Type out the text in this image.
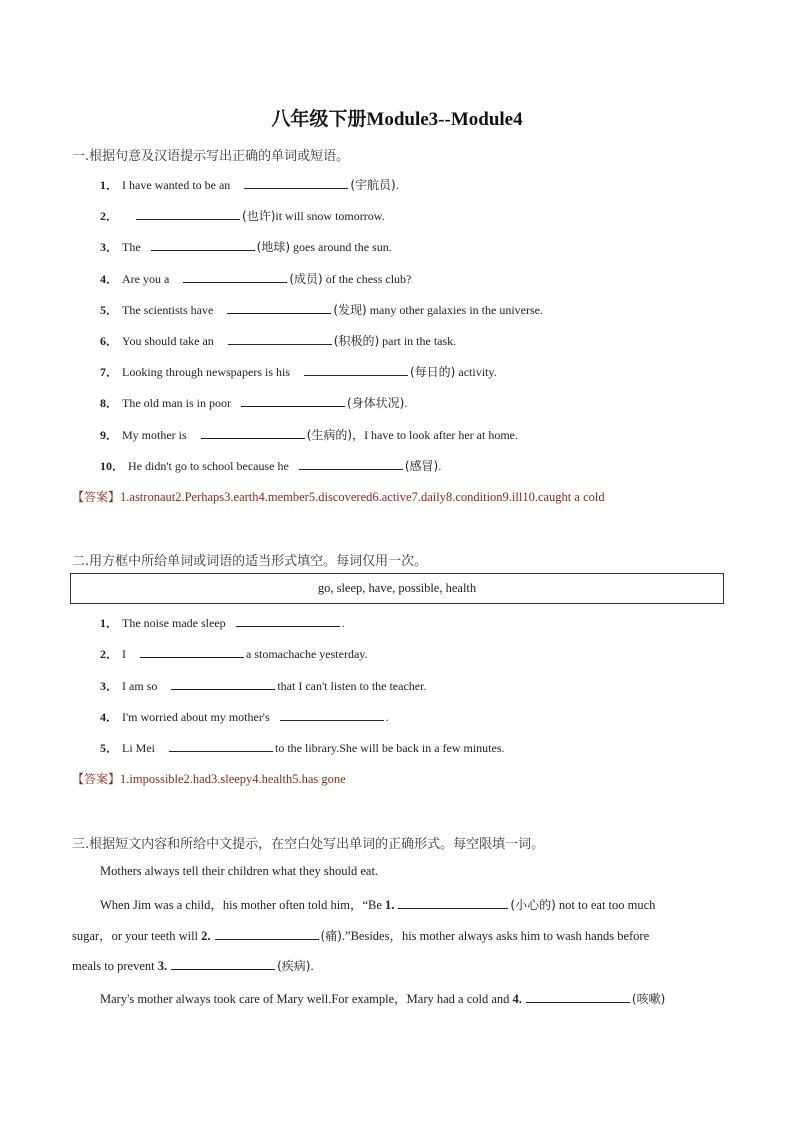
八年级下册Module3--Module4
一.根据句意及汉语提示写出正确的单词或短语。
1． I have wanted to be an	(宇航员).
2．	(也许)it will snow tomorrow.
3． The	(地球) goes around the sun.
4． Are you a	(成员) of the chess club?
5． The scientists have	(发现) many other galaxies in the universe.
6． You should take an	(积极的) part in the task.
7． Looking through newspapers is his	(每日的) activity.
8． The old man is in poor	(身体状况).
9． My mother is	(生病的)，I have to look after her at home.
10． He didn't go to school because he	(感冒).
【答案】1.astronaut2.Perhaps3.earth4.member5.discovered6.active7.daily8.condition9.ill10.caught a cold
二.用方框中所给单词或词语的适当形式填空。每词仅用一次。
go, sleep, have, possible, health
1． The noise made sleep	.
2． I	a stomachache yesterday.
3． I am so	that I can't listen to the teacher.
4． I'm worried about my mother's	.
5． Li Mei	to the library.She will be back in a few minutes.
【答案】1.impossible2.had3.sleepy4.health5.has gone
三.根据短文内容和所给中文提示，在空白处写出单词的正确形式。每空限填一词。
Mothers always tell their children what they should eat.
When Jim was a child，his mother often told him，“Be 1.	(小心的) not to eat too much
sugar，or your teeth will 2.	(痛).”Besides，his mother always asks him to wash hands before
meals to prevent 3.	(疾病).
Mary's mother always took care of Mary well.For example，Mary had a cold and 4.	(咳嗽)
